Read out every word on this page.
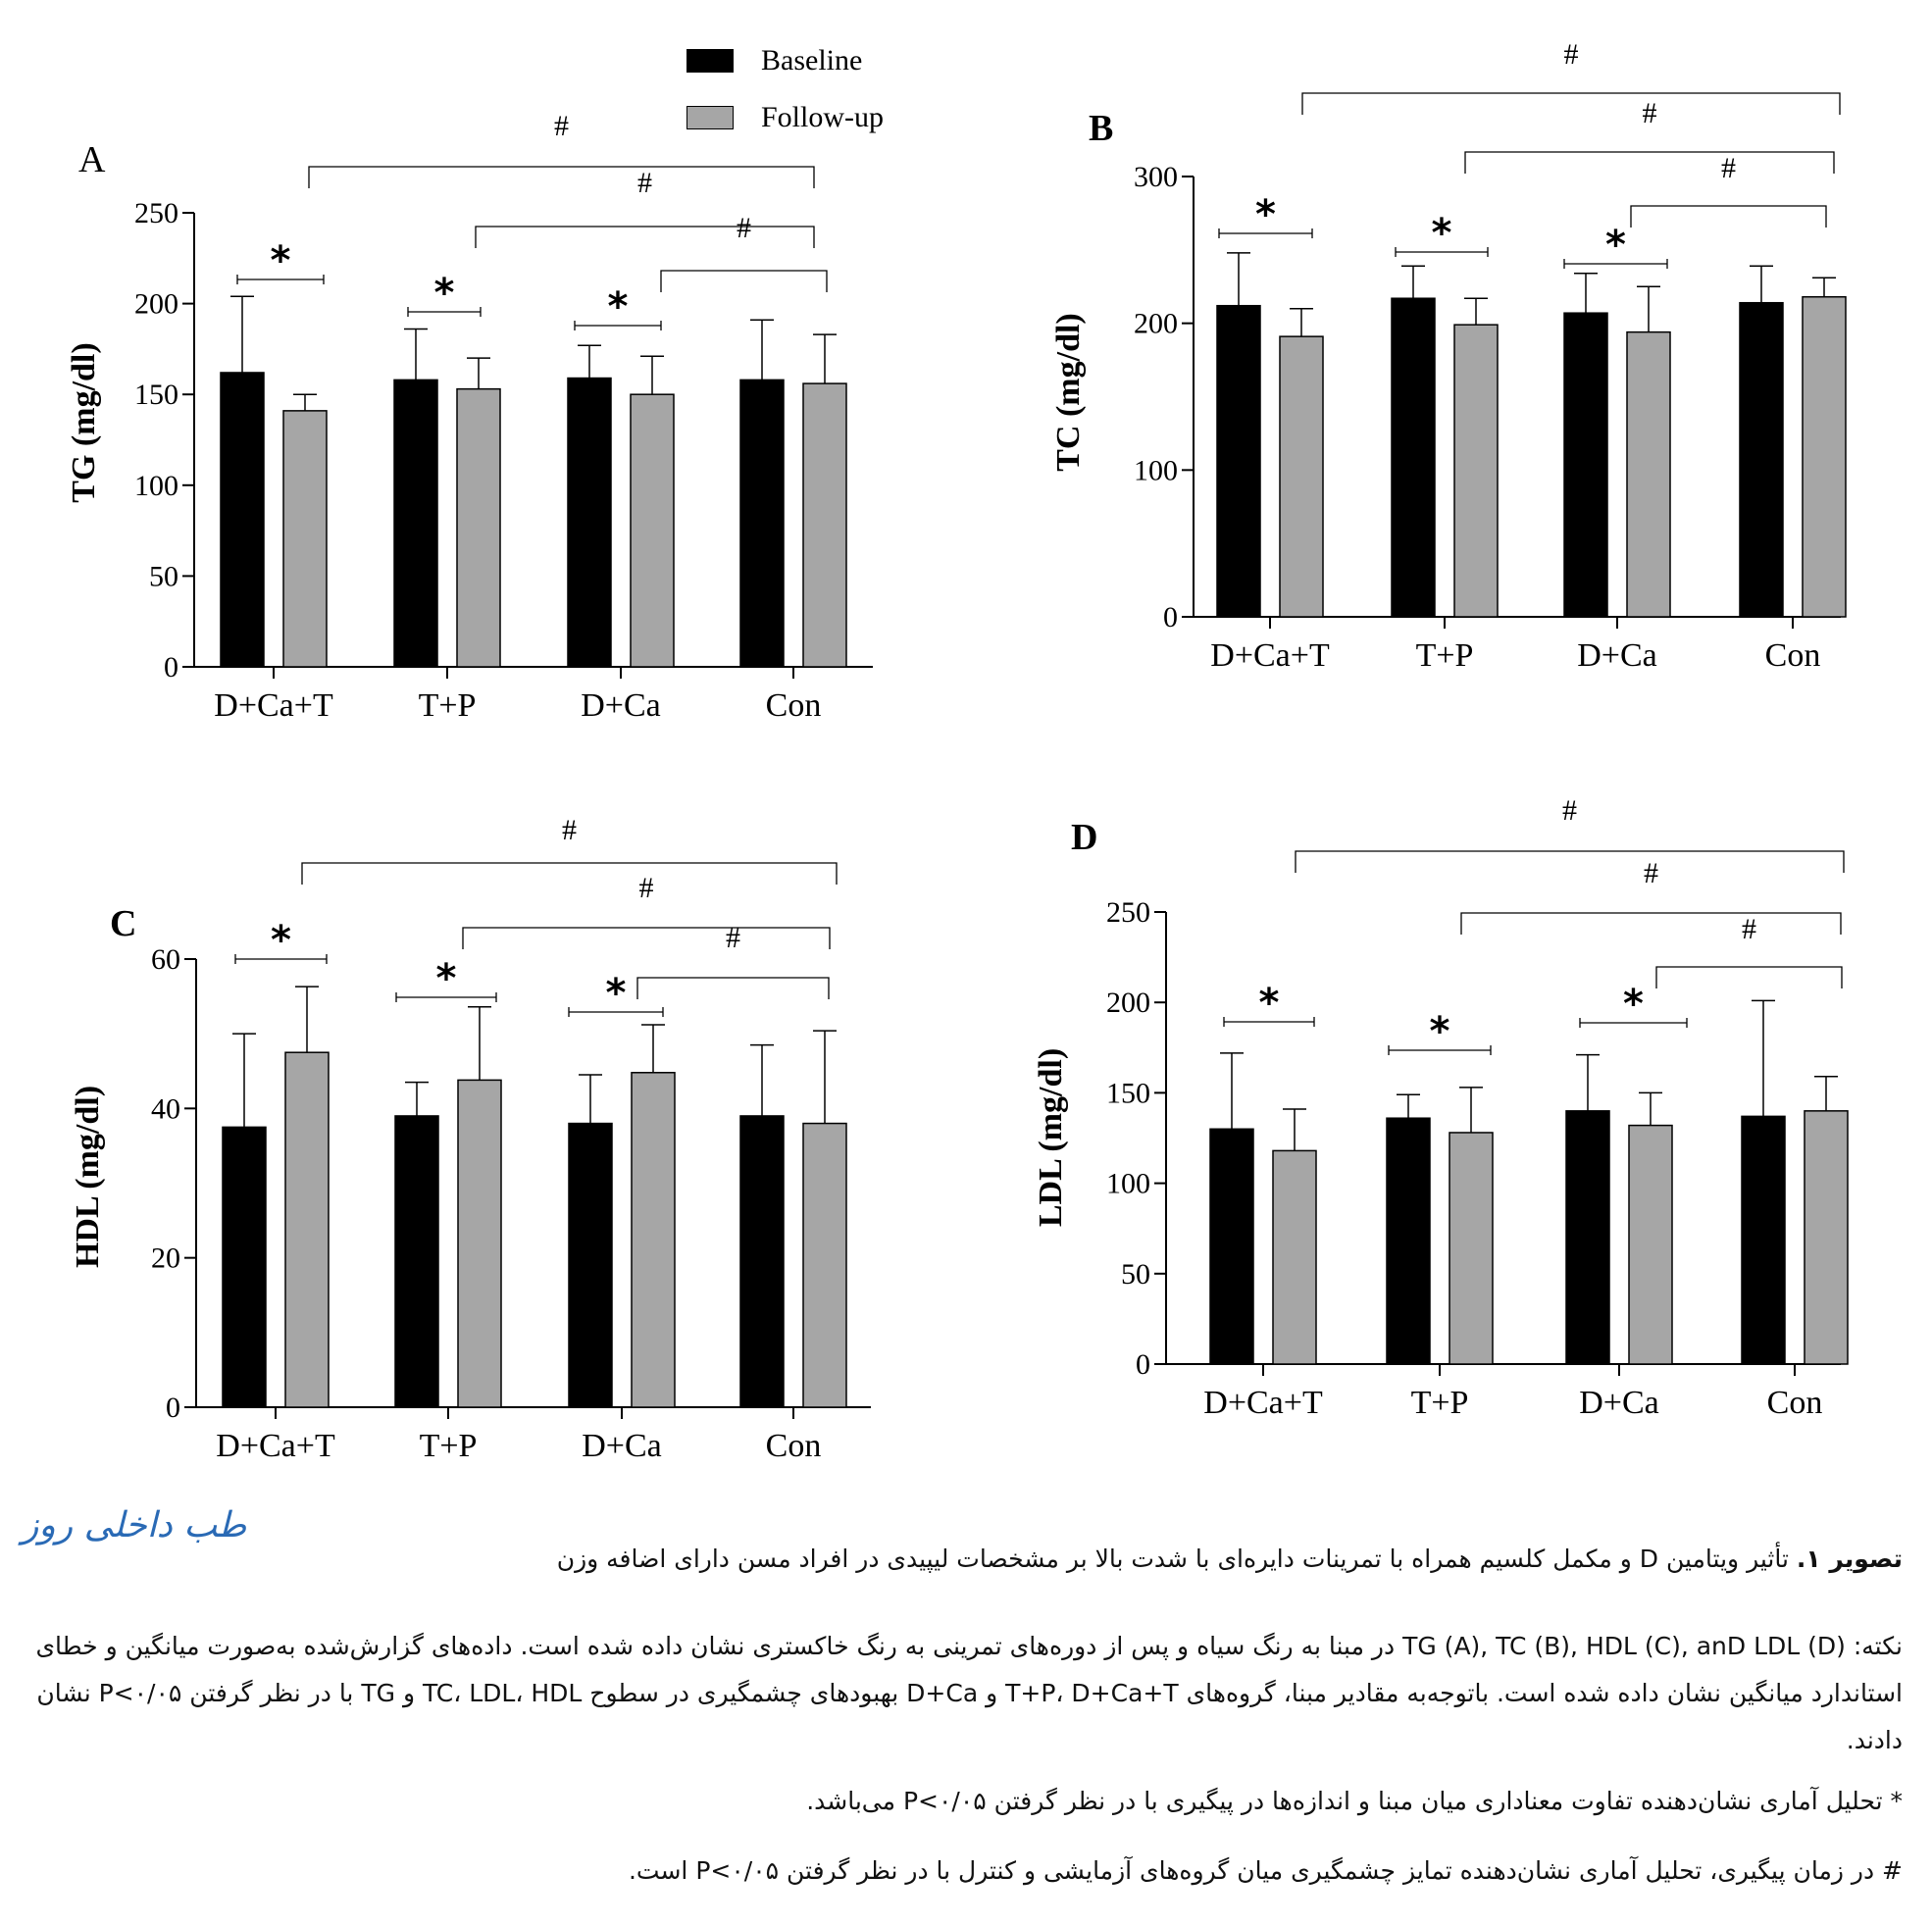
A
TG (mg/dl)
0
50
100
150
200
250
D+Ca+T	T+P	D+Ca	Con
*
*	*
#
#
#
B
TC (mg/dl)
0
100
200
300
D+Ca+T	T+P	D+Ca	Con
*	*	*
#
#
#
C
HDL (mg/dl)
0
20
40
60
D+Ca+T	T+P	D+Ca	Con
*
*	*
#
#
#
D
LDL (mg/dl)
0
50
100
150
200
250
D+Ca+T	T+P	D+Ca	Con
*
*
*
#
#
#
Baseline
Follow-up
طب داخلی روز
تصویر ۱. تأثیر ویتامین D و مکمل کلسیم همراه با تمرینات دایره‌ای با شدت بالا بر مشخصات لیپیدی در افراد مسن دارای اضافه وزن
نکته: TG (A), TC (B), HDL (C), anD LDL (D) در مبنا به رنگ سیاه و پس از دوره‌های تمرینی به رنگ خاکستری نشان داده شده است. داده‌های گزارش‌شده به‌صورت میانگین و خطای استاندارد میانگین نشان داده شده است. باتوجه‌به مقادیر مبنا، گروه‌های T+P، D+Ca+T و D+Ca بهبودهای چشمگیری در سطوح TC، LDL، HDL و TG با در نظر گرفتن P<۰/۰۵ نشان دادند.
* تحلیل آماری نشان‌دهنده تفاوت معناداری میان مبنا و اندازه‌ها در پیگیری با در نظر گرفتن P<۰/۰۵ می‌باشد.
# در زمان پیگیری، تحلیل آماری نشان‌دهنده تمایز چشمگیری میان گروه‌های آزمایشی و کنترل با در نظر گرفتن P<۰/۰۵ است.
